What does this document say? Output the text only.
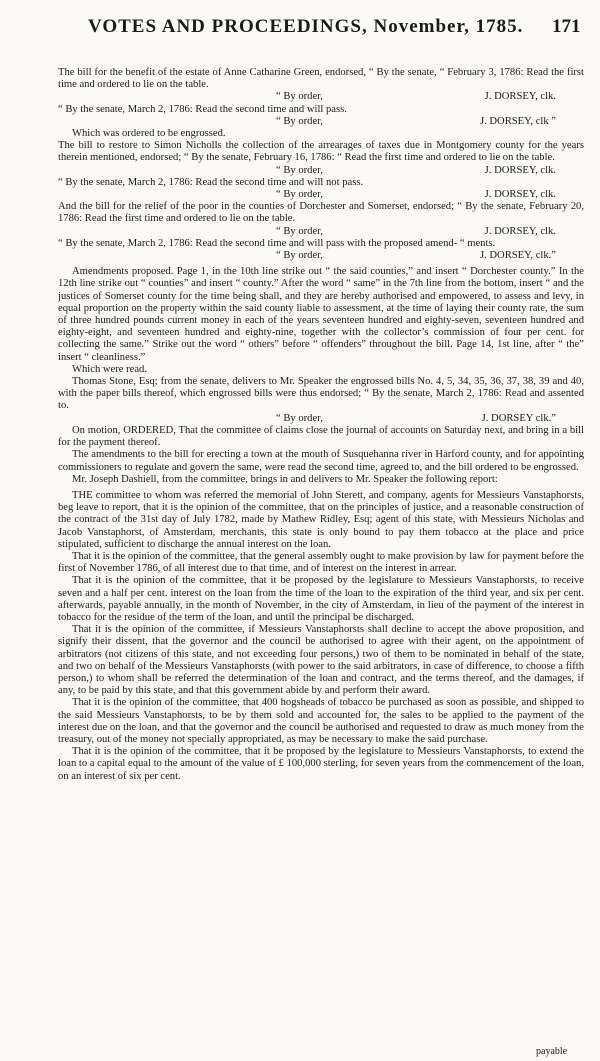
VOTES AND PROCEEDINGS, November, 1785. 171

The bill for the benefit of the estate of Anne Catharine Green, endorsed, “ By the senate, “ February 3, 1786: Read the first time and ordered to lie on the table.

“ By order,	J. DORSEY, clk.

“ By the senate, March 2, 1786: Read the second time and will pass.

“ By order,	J. DORSEY, clk ”

Which was ordered to be engrossed.

The bill to restore to Simon Nicholls the collection of the arrearages of taxes due in Montgomery county for the years therein mentioned, endorsed; “ By the senate, February 16, 1786: “ Read the first time and ordered to lie on the table.

“ By order,	J. DORSEY, clk.

“ By the senate, March 2, 1786: Read the second time and will not pass.

“ By order,	J. DORSEY, clk.

And the bill for the relief of the poor in the counties of Dorchester and Somerset, endorsed; “ By the senate, February 20, 1786: Read the first time and ordered to lie on the table.

“ By order,	J. DORSEY, clk.

“ By the senate, March 2, 1786: Read the second time and will pass with the proposed amend- “ ments.

“ By order,	J. DORSEY, clk.”

Amendments proposed. Page 1, in the 10th line strike out “ the said counties,” and insert “ Dorchester county.” In the 12th line strike out “ counties” and insert “ county.” After the word “ same” in the 7th line from the bottom, insert “ and the justices of Somerset county for the time being shall, and they are hereby authorised and empowered, to assess and levy, in equal proportion on the property within the said county liable to assessment, at the time of laying their county rate, the sum of three hundred pounds current money in each of the years seventeen hundred and eighty-seven, seventeen hundred and eighty-eight, and seventeen hundred and eighty-nine, together with the collector’s commission of four per cent. for collecting the same.” Strike out the word “ others” before “ offenders” throughout the bill. Page 14, 1st line, after “ the” insert “ cleanliness.”

Which were read.

Thomas Stone, Esq; from the senate, delivers to Mr. Speaker the engrossed bills No. 4, 5, 34, 35, 36, 37, 38, 39 and 40, with the paper bills thereof, which engrossed bills were thus endorsed; “ By the senate, March 2, 1786: Read and assented to.

“ By order,	J. DORSEY clk.”

On motion, ORDERED, That the committee of claims close the journal of accounts on Saturday next, and bring in a bill for the payment thereof.

The amendments to the bill for erecting a town at the mouth of Susquehanna river in Harford county, and for appointing commissioners to regulate and govern the same, were read the second time, agreed to, and the bill ordered to be engrossed.

Mr. Joseph Dashiell, from the committee, brings in and delivers to Mr. Speaker the following report:

THE committee to whom was referred the memorial of John Sterett, and company, agents for Messieurs Vanstaphorsts, beg leave to report, that it is the opinion of the committee, that on the principles of justice, and a reasonable construction of the contract of the 31st day of July 1782, made by Mathew Ridley, Esq; agent of this state, with Messieurs Nicholas and Jacob Vanstaphorst, of Amsterdam, merchants, this state is only bound to pay them tobacco at the place and price stipulated, sufficient to discharge the annual interest on the loan.

That it is the opinion of the committee, that the general assembly ought to make provision by law for payment before the first of November 1786, of all interest due to that time, and of interest on the interest in arrear.

That it is the opinion of the committee, that it be proposed by the legislature to Messieurs Vanstaphorsts, to receive seven and a half per cent. interest on the loan from the time of the loan to the expiration of the third year, and six per cent. afterwards, payable annually, in the month of November, in the city of Amsterdam, in lieu of the payment of the interest in tobacco for the residue of the term of the loan, and until the principal be discharged.

That it is the opinion of the committee, if Messieurs Vanstaphorsts shall decline to accept the above proposition, and signify their dissent, that the governor and the council be authorised to agree with their agent, on the appointment of arbitrators (not citizens of this state, and not exceeding four persons,) two of them to be nominated in behalf of the state, and two on behalf of the Messieurs Vanstaphorsts (with power to the said arbitrators, in case of difference, to choose a fifth person,) to whom shall be referred the determination of the loan and contract, and the terms thereof, and the damages, if any, to be paid by this state, and that this government abide by and perform their award.

That it is the opinion of the committee, that 400 hogsheads of tobacco be purchased as soon as possible, and shipped to the said Messieurs Vanstaphorsts, to be by them sold and accounted for, the sales to be applied to the payment of the interest due on the loan, and that the governor and the council be authorised and requested to draw as much money from the treasury, out of the money not specially appropriated, as may be necessary to make the said purchase.

That it is the opinion of the committee, that it be proposed by the legislature to Messieurs Vanstaphorsts, to extend the loan to a capital equal to the amount of the value of £ 100,000 sterling, for seven years from the commencement of the loan, on an interest of six per cent.

payable
